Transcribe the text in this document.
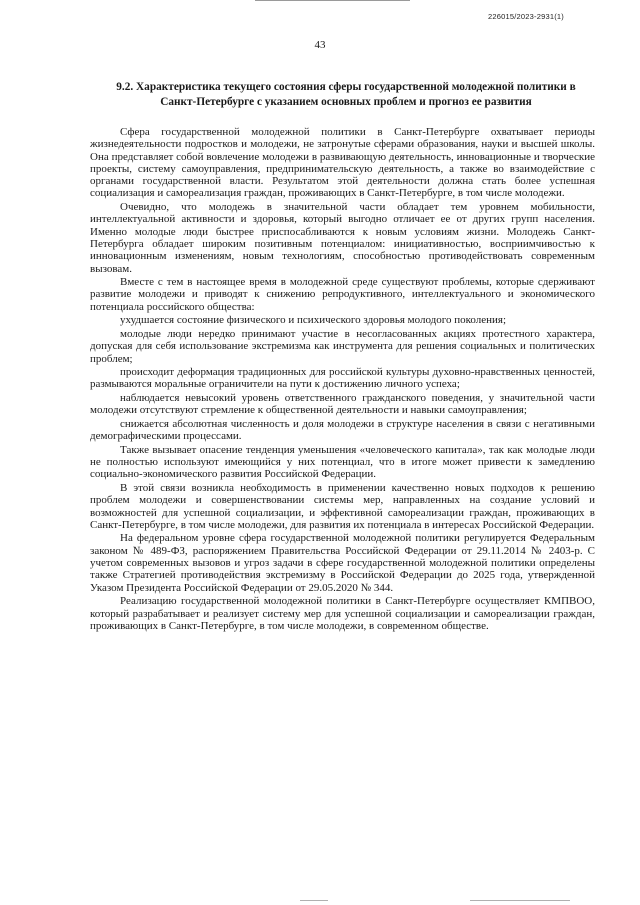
226015/2023-2931(1)
43
9.2. Характеристика текущего состояния сферы государственной молодежной политики в Санкт-Петербурге с указанием основных проблем и прогноз ее развития

Сфера государственной молодежной политики в Санкт-Петербурге охватывает периоды жизнедеятельности подростков и молодежи, не затронутые сферами образования, науки и высшей школы. Она представляет собой вовлечение молодежи в развивающую деятельность, инновационные и творческие проекты, систему самоуправления, предпринимательскую деятельность, а также во взаимодействие с органами государственной власти. Результатом этой деятельности должна стать более успешная социализация и самореализация граждан, проживающих в Санкт-Петербурге, в том числе молодежи.

Очевидно, что молодежь в значительной части обладает тем уровнем мобильности, интеллектуальной активности и здоровья, который выгодно отличает ее от других групп населения. Именно молодые люди быстрее приспосабливаются к новым условиям жизни. Молодежь Санкт-Петербурга обладает широким позитивным потенциалом: инициативностью, восприимчивостью к инновационным изменениям, новым технологиям, способностью противодействовать современным вызовам.

Вместе с тем в настоящее время в молодежной среде существуют проблемы, которые сдерживают развитие молодежи и приводят к снижению репродуктивного, интеллектуального и экономического потенциала российского общества:

ухудшается состояние физического и психического здоровья молодого поколения;

молодые люди нередко принимают участие в несогласованных акциях протестного характера, допуская для себя использование экстремизма как инструмента для решения социальных и политических проблем;

происходит деформация традиционных для российской культуры духовно-нравственных ценностей, размываются моральные ограничители на пути к достижению личного успеха;

наблюдается невысокий уровень ответственного гражданского поведения, у значительной части молодежи отсутствуют стремление к общественной деятельности и навыки самоуправления;

снижается абсолютная численность и доля молодежи в структуре населения в связи с негативными демографическими процессами.

Также вызывает опасение тенденция уменьшения «человеческого капитала», так как молодые люди не полностью используют имеющийся у них потенциал, что в итоге может привести к замедлению социально-экономического развития Российской Федерации.

В этой связи возникла необходимость в применении качественно новых подходов к решению проблем молодежи и совершенствовании системы мер, направленных на создание условий и возможностей для успешной социализации, и эффективной самореализации граждан, проживающих в Санкт-Петербурге, в том числе молодежи, для развития их потенциала в интересах Российской Федерации.

На федеральном уровне сфера государственной молодежной политики регулируется Федеральным законом № 489-ФЗ, распоряжением Правительства Российской Федерации от 29.11.2014 № 2403-р. С учетом современных вызовов и угроз задачи в сфере государственной молодежной политики определены также Стратегией противодействия экстремизму в Российской Федерации до 2025 года, утвержденной Указом Президента Российской Федерации от 29.05.2020 № 344.

Реализацию государственной молодежной политики в Санкт-Петербурге осуществляет КМПВОО, который разрабатывает и реализует систему мер для успешной социализации и самореализации граждан, проживающих в Санкт-Петербурге, в том числе молодежи, в современном обществе.
